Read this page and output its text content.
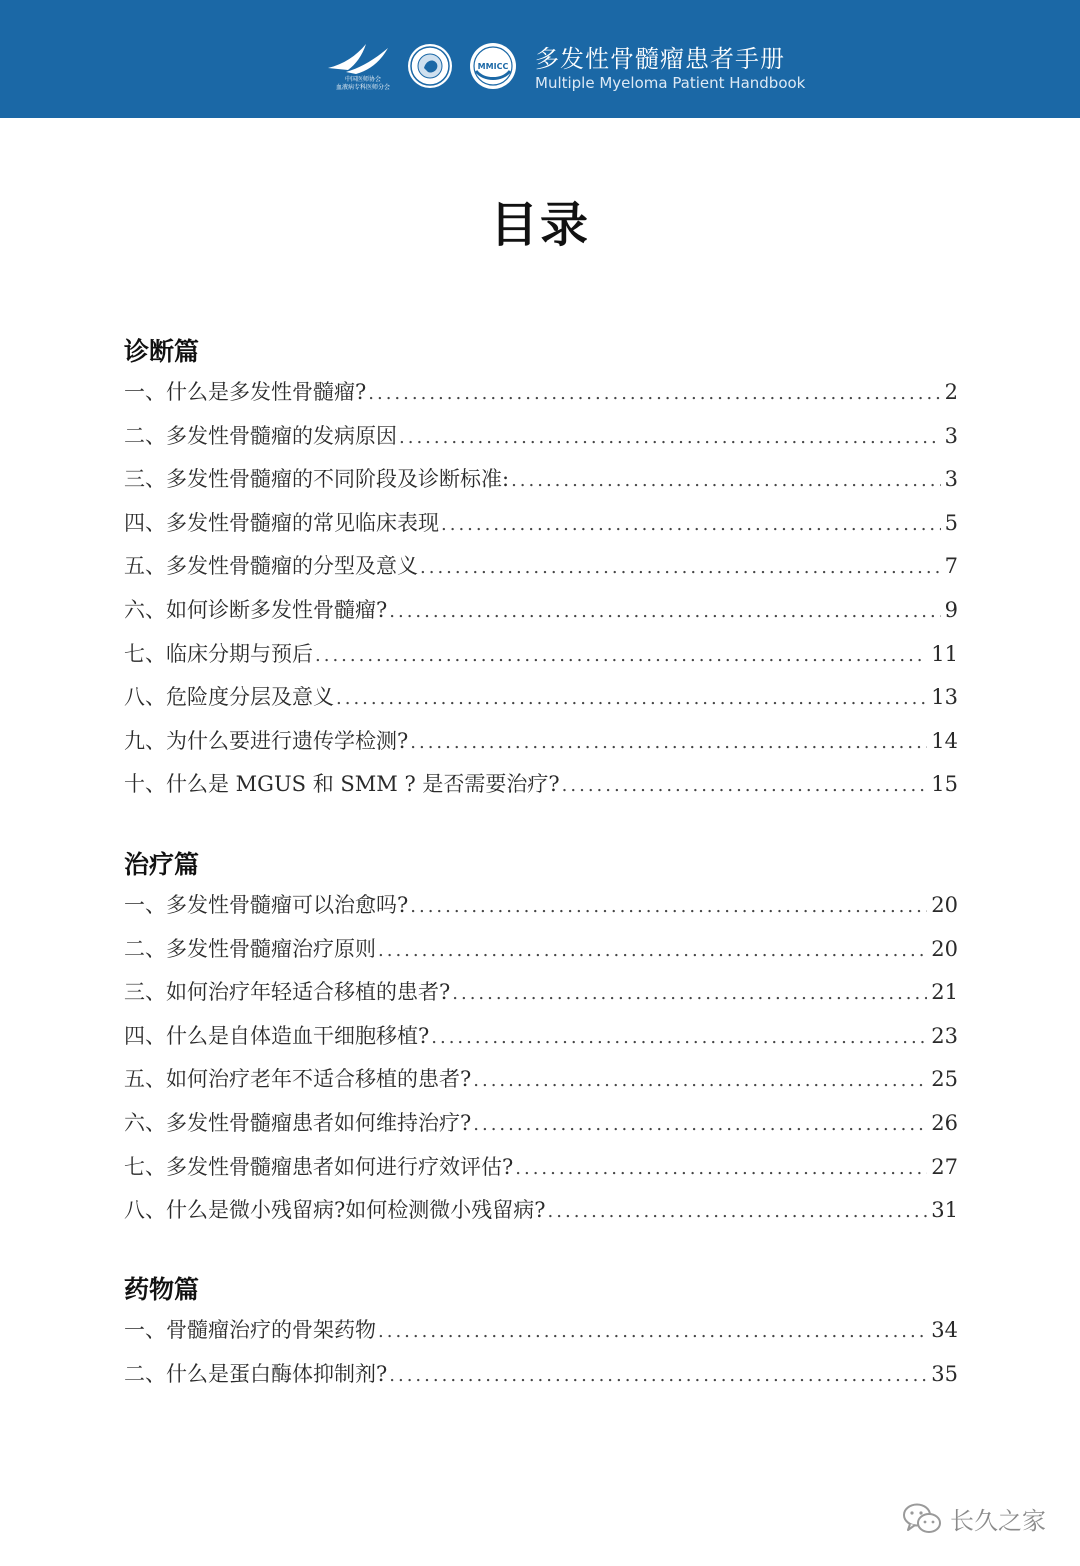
中国医师协会
血液病专科医师分会
MMICC 多发性骨髓瘤患者手册
Multiple Myeloma Patient Handbook
目录
诊断篇
一、什么是多发性骨髓瘤? .....	2
二、多发性骨髓瘤的发病原因 .....	3
三、多发性骨髓瘤的不同阶段及诊断标准: .....	3
四、多发性骨髓瘤的常见临床表现 .....	5
五、多发性骨髓瘤的分型及意义 .....	7
六、如何诊断多发性骨髓瘤? .....	9
七、临床分期与预后 .....	11
八、危险度分层及意义 .....	13
九、为什么要进行遗传学检测? .....	14
十、什么是 MGUS 和 SMM ? 是否需要治疗? .....	15
治疗篇
一、多发性骨髓瘤可以治愈吗? .....	20
二、多发性骨髓瘤治疗原则 .....	20
三、如何治疗年轻适合移植的患者? .....	21
四、什么是自体造血干细胞移植? .....	23
五、如何治疗老年不适合移植的患者? .....	25
六、多发性骨髓瘤患者如何维持治疗? .....	26
七、多发性骨髓瘤患者如何进行疗效评估? .....	27
八、什么是微小残留病?如何检测微小残留病? .....	31
药物篇
一、骨髓瘤治疗的骨架药物 .....	34
二、什么是蛋白酶体抑制剂? .....	35
长久之家
